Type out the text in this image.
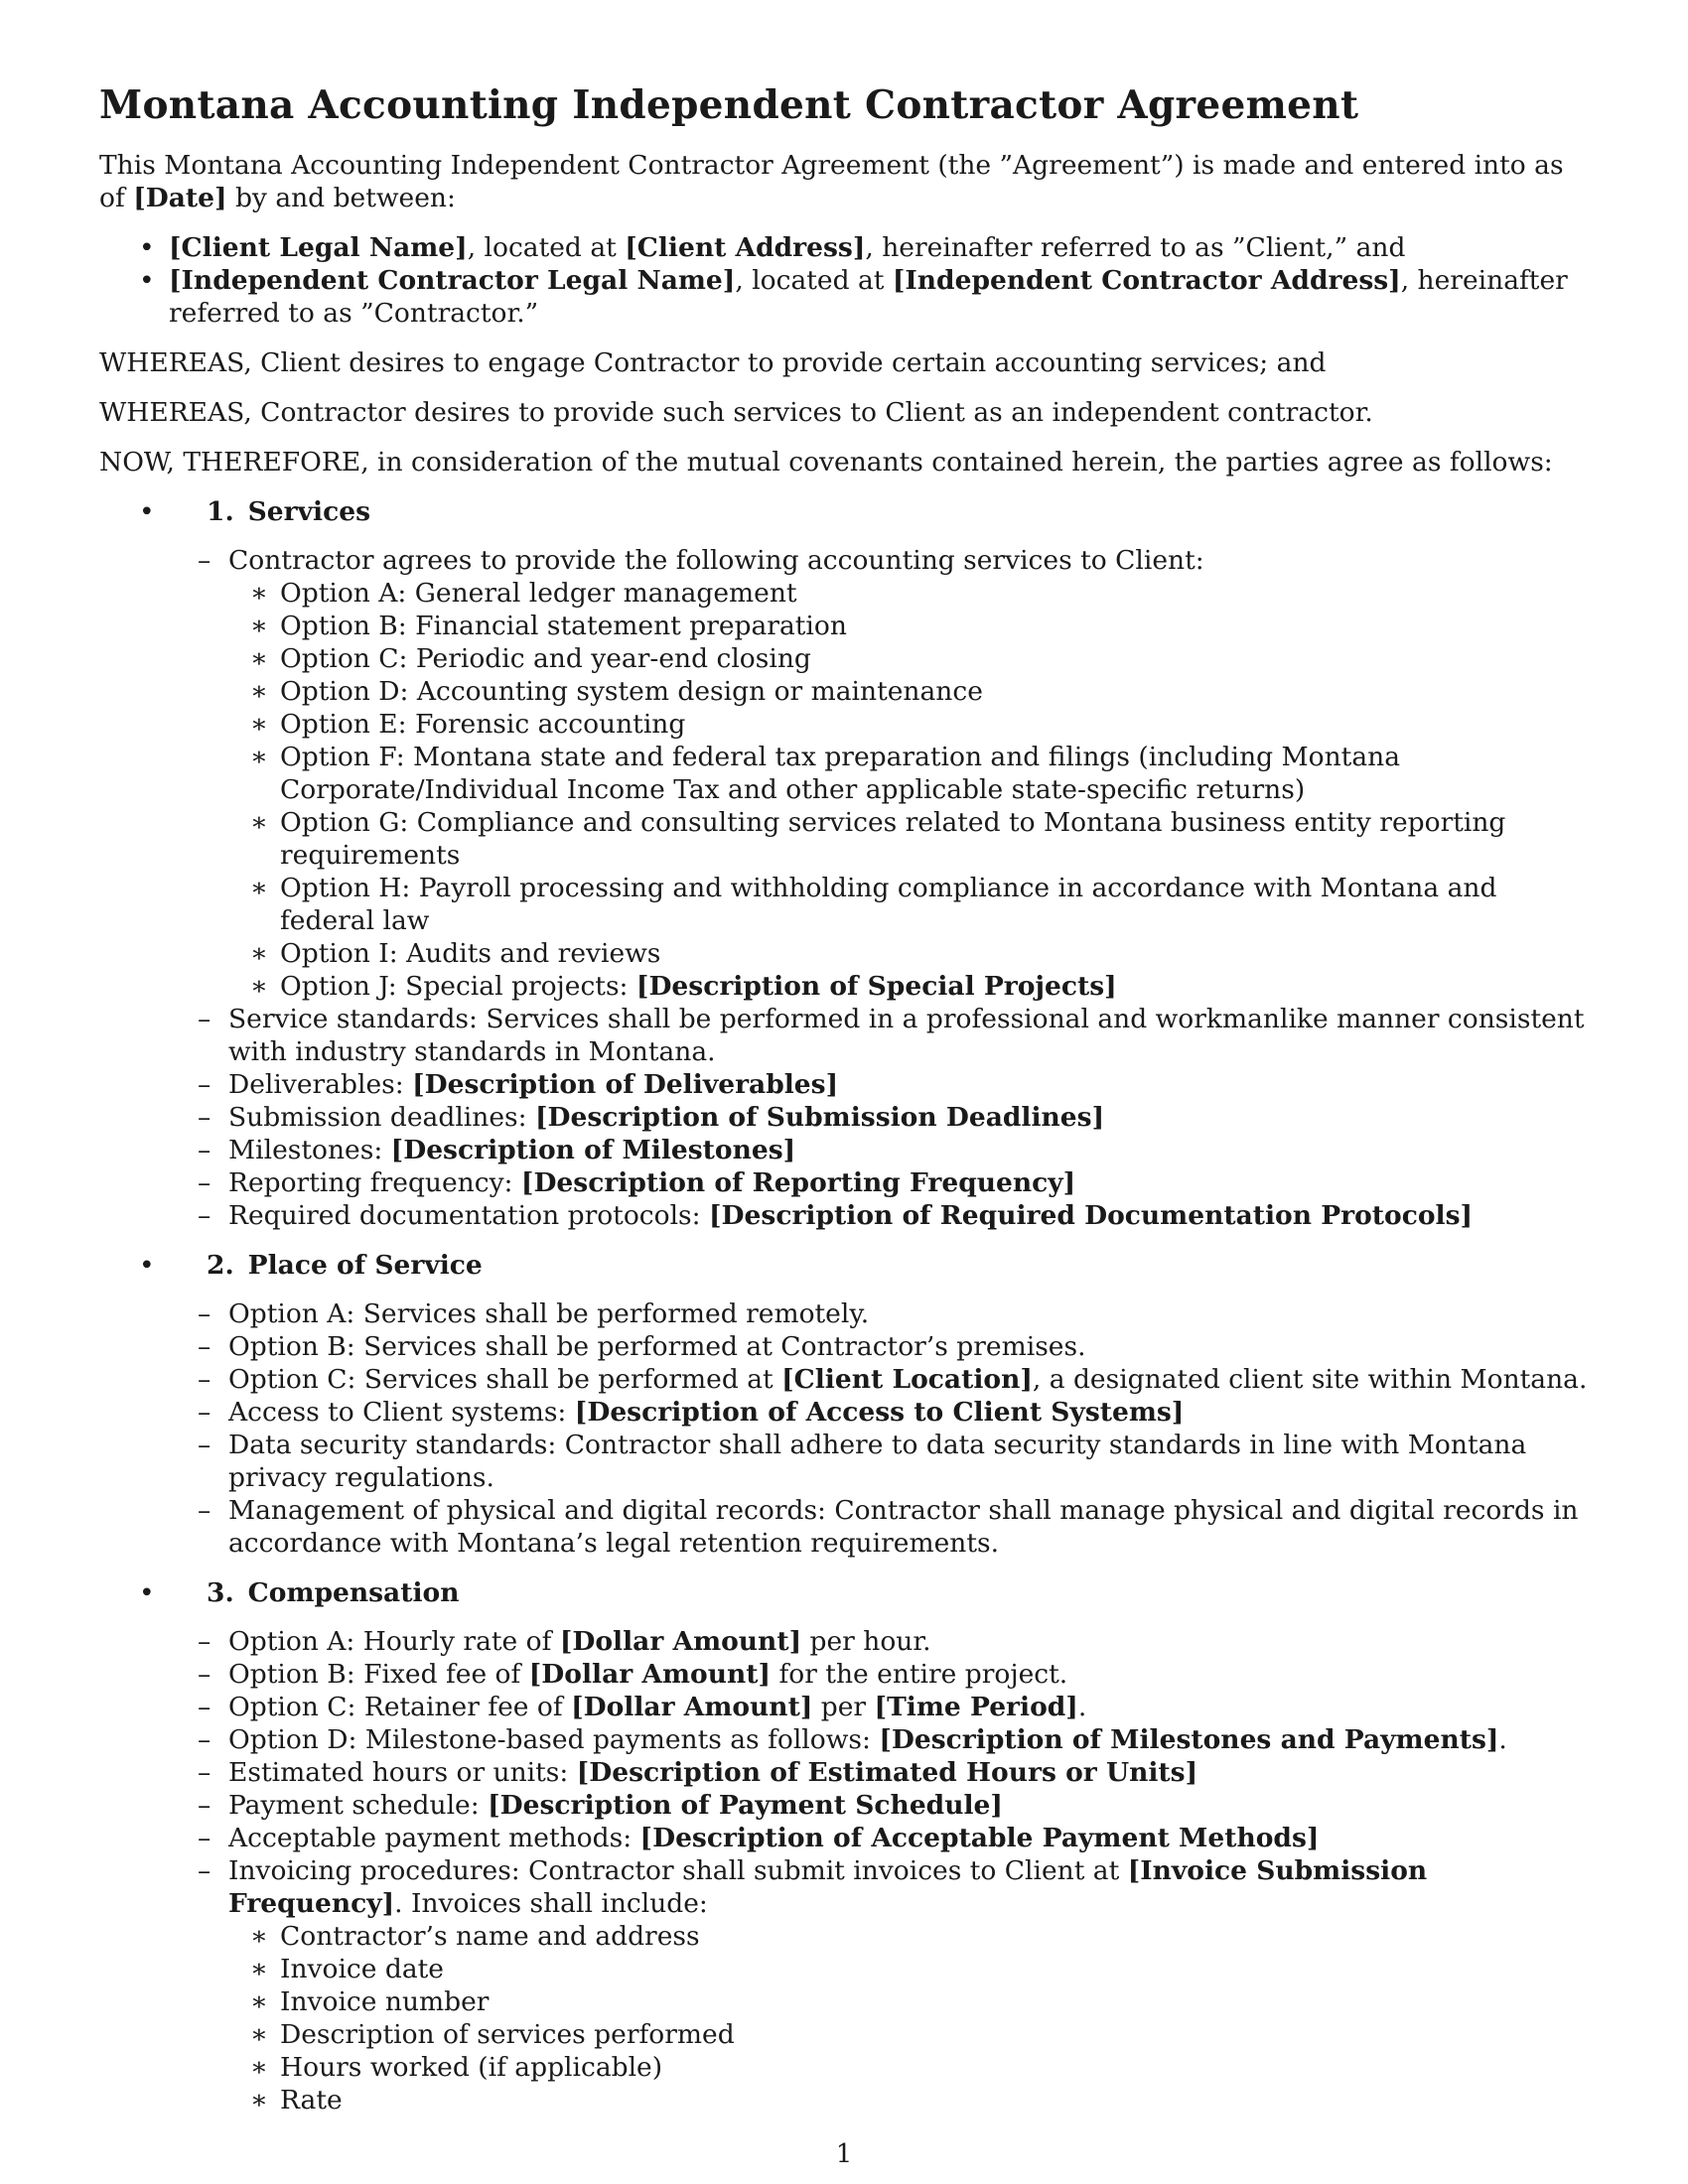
Montana Accounting Independent Contractor Agreement

This Montana Accounting Independent Contractor Agreement (the ”Agreement”) is made and entered into as of [Date] by and between:

• [Client Legal Name], located at [Client Address], hereinafter referred to as ”Client,” and
• [Independent Contractor Legal Name], located at [Independent Contractor Address], hereinafter referred to as ”Contractor.”

WHEREAS, Client desires to engage Contractor to provide certain accounting services; and

WHEREAS, Contractor desires to provide such services to Client as an independent contractor.

NOW, THEREFORE, in consideration of the mutual covenants contained herein, the parties agree as follows:

• 1. Services
– Contractor agrees to provide the following accounting services to Client:
∗ Option A: General ledger management
∗ Option B: Financial statement preparation
∗ Option C: Periodic and year-end closing
∗ Option D: Accounting system design or maintenance
∗ Option E: Forensic accounting
∗ Option F: Montana state and federal tax preparation and filings (including Montana Corporate/Individual Income Tax and other applicable state-specific returns)
∗ Option G: Compliance and consulting services related to Montana business entity reporting requirements
∗ Option H: Payroll processing and withholding compliance in accordance with Montana and federal law
∗ Option I: Audits and reviews
∗ Option J: Special projects: [Description of Special Projects]
– Service standards: Services shall be performed in a professional and workmanlike manner consistent with industry standards in Montana.
– Deliverables: [Description of Deliverables]
– Submission deadlines: [Description of Submission Deadlines]
– Milestones: [Description of Milestones]
– Reporting frequency: [Description of Reporting Frequency]
– Required documentation protocols: [Description of Required Documentation Protocols]
• 2. Place of Service
– Option A: Services shall be performed remotely.
– Option B: Services shall be performed at Contractor’s premises.
– Option C: Services shall be performed at [Client Location], a designated client site within Montana.
– Access to Client systems: [Description of Access to Client Systems]
– Data security standards: Contractor shall adhere to data security standards in line with Montana privacy regulations.
– Management of physical and digital records: Contractor shall manage physical and digital records in accordance with Montana’s legal retention requirements.
• 3. Compensation
– Option A: Hourly rate of [Dollar Amount] per hour.
– Option B: Fixed fee of [Dollar Amount] for the entire project.
– Option C: Retainer fee of [Dollar Amount] per [Time Period].
– Option D: Milestone-based payments as follows: [Description of Milestones and Payments].
– Estimated hours or units: [Description of Estimated Hours or Units]
– Payment schedule: [Description of Payment Schedule]
– Acceptable payment methods: [Description of Acceptable Payment Methods]
– Invoicing procedures: Contractor shall submit invoices to Client at [Invoice Submission Frequency]. Invoices shall include:
∗ Contractor’s name and address
∗ Invoice date
∗ Invoice number
∗ Description of services performed
∗ Hours worked (if applicable)
∗ Rate
1
